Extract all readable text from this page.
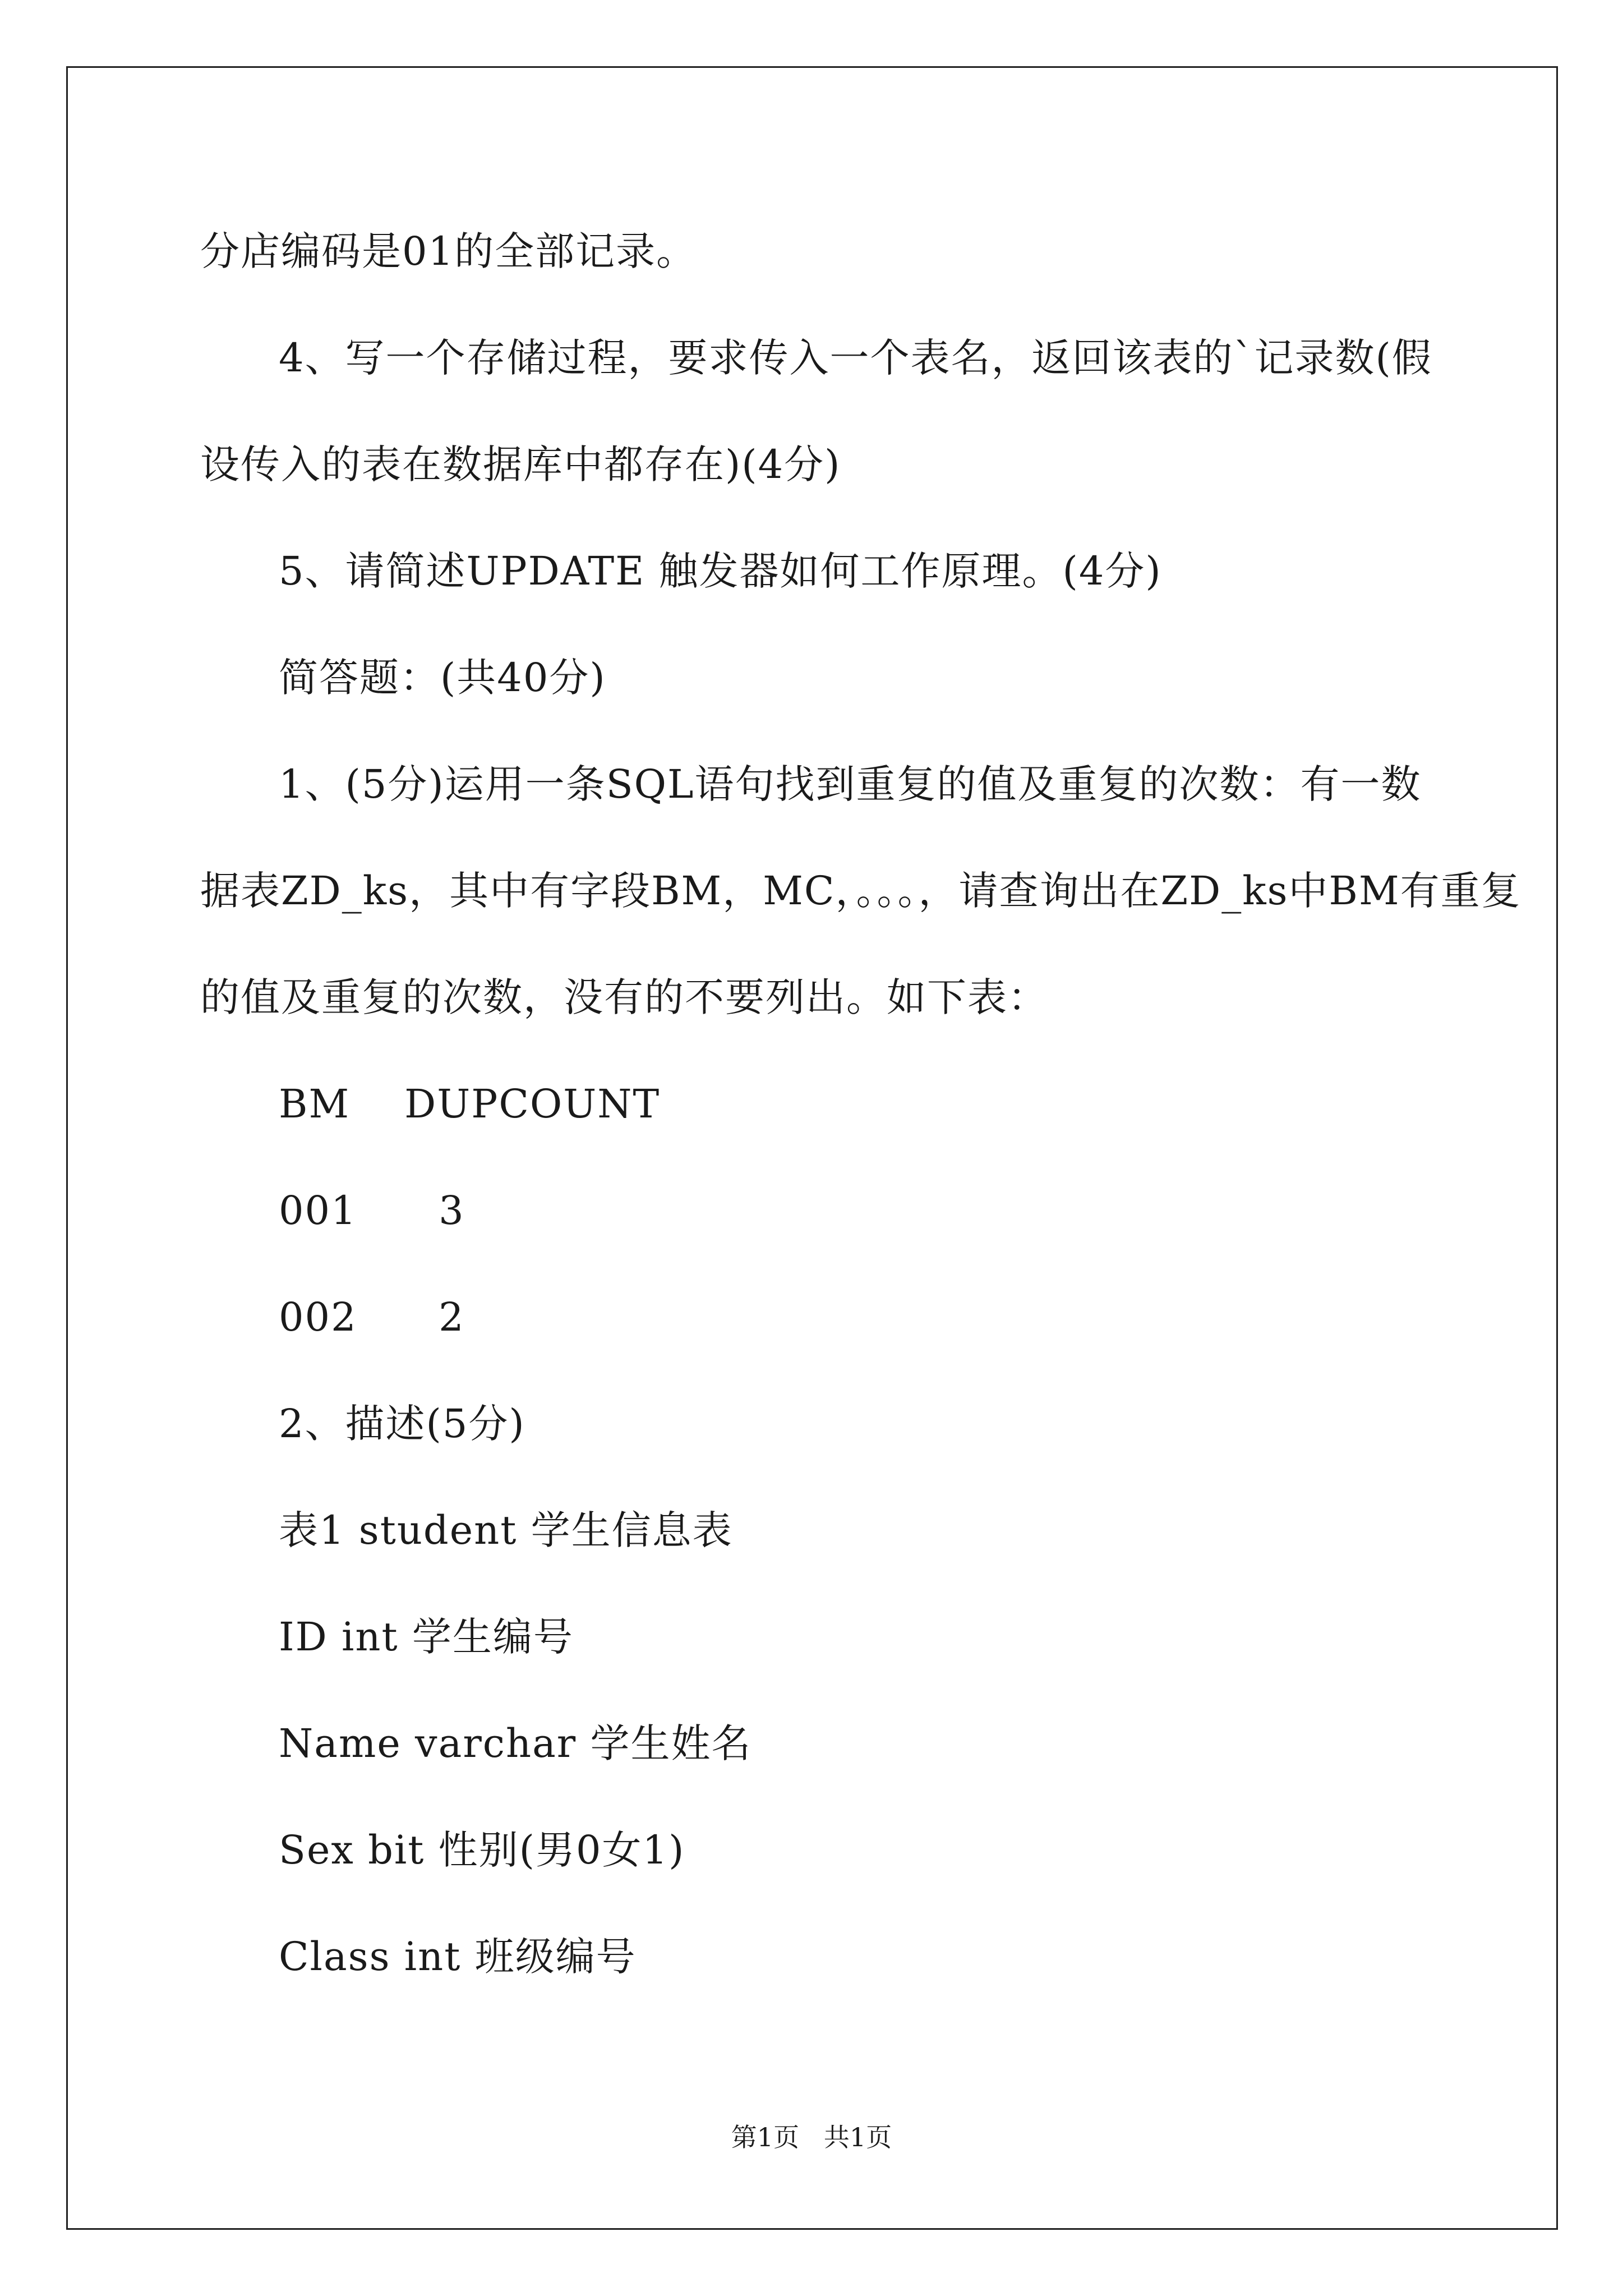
分店编码是01的全部记录。
4、写一个存储过程，要求传入一个表名，返回该表的`记录数(假
设传入的表在数据库中都存在)(4分)
5、请简述UPDATE 触发器如何工作原理。(4分)
简答题：(共40分)
1、(5分)运用一条SQL语句找到重复的值及重复的次数：有一数
据表ZD_ks，其中有字段BM，MC，。。。，请查询出在ZD_ks中BM有重复
的值及重复的次数，没有的不要列出。如下表：
BM    DUPCOUNT
001      3
002      2
2、描述(5分)
表1 student 学生信息表
ID int 学生编号
Name varchar 学生姓名
Sex bit 性别(男0女1)
Class int 班级编号
第1页   共1页
